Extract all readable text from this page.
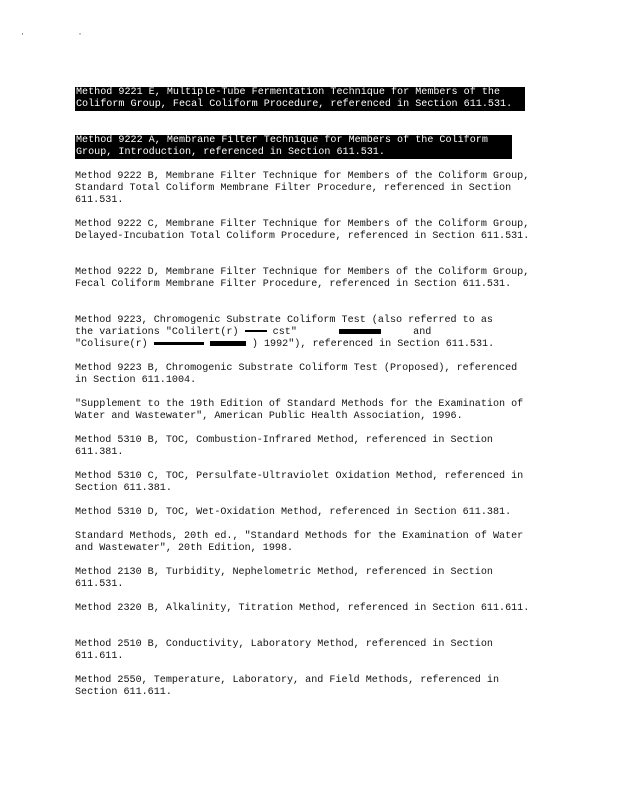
· ·
Method 9221 E, Multiple-Tube Fermentation Technique for Members of the Coliform Group, Fecal Coliform Procedure, referenced in Section 611.531.
Method 9222 A, Membrane Filter Technique for Members of the Coliform Group, Introduction, referenced in Section 611.531.
Method 9222 B, Membrane Filter Technique for Members of the Coliform Group, Standard Total Coliform Membrane Filter Procedure, referenced in Section 611.531.
Method 9222 C, Membrane Filter Technique for Members of the Coliform Group, Delayed-Incubation Total Coliform Procedure, referenced in Section 611.531.
Method 9222 D, Membrane Filter Technique for Members of the Coliform Group, Fecal Coliform Membrane Filter Procedure, referenced in Section 611.531.
Method 9223, Chromogenic Substrate Coliform Test (also referred to as
the variations "Colilert(r)	cst"	and
"Colisure(r)	) 1992"), referenced in Section 611.531.
Method 9223 B, Chromogenic Substrate Coliform Test (Proposed), referenced in Section 611.1004.
"Supplement to the 19th Edition of Standard Methods for the Examination of Water and Wastewater", American Public Health Association, 1996.
Method 5310 B, TOC, Combustion-Infrared Method, referenced in Section 611.381.
Method 5310 C, TOC, Persulfate-Ultraviolet Oxidation Method, referenced in Section 611.381.
Method 5310 D, TOC, Wet-Oxidation Method, referenced in Section 611.381.
Standard Methods, 20th ed., "Standard Methods for the Examination of Water and Wastewater", 20th Edition, 1998.
Method 2130 B, Turbidity, Nephelometric Method, referenced in Section 611.531.
Method 2320 B, Alkalinity, Titration Method, referenced in Section 611.611.
Method 2510 B, Conductivity, Laboratory Method, referenced in Section 611.611.
Method 2550, Temperature, Laboratory, and Field Methods, referenced in Section 611.611.
